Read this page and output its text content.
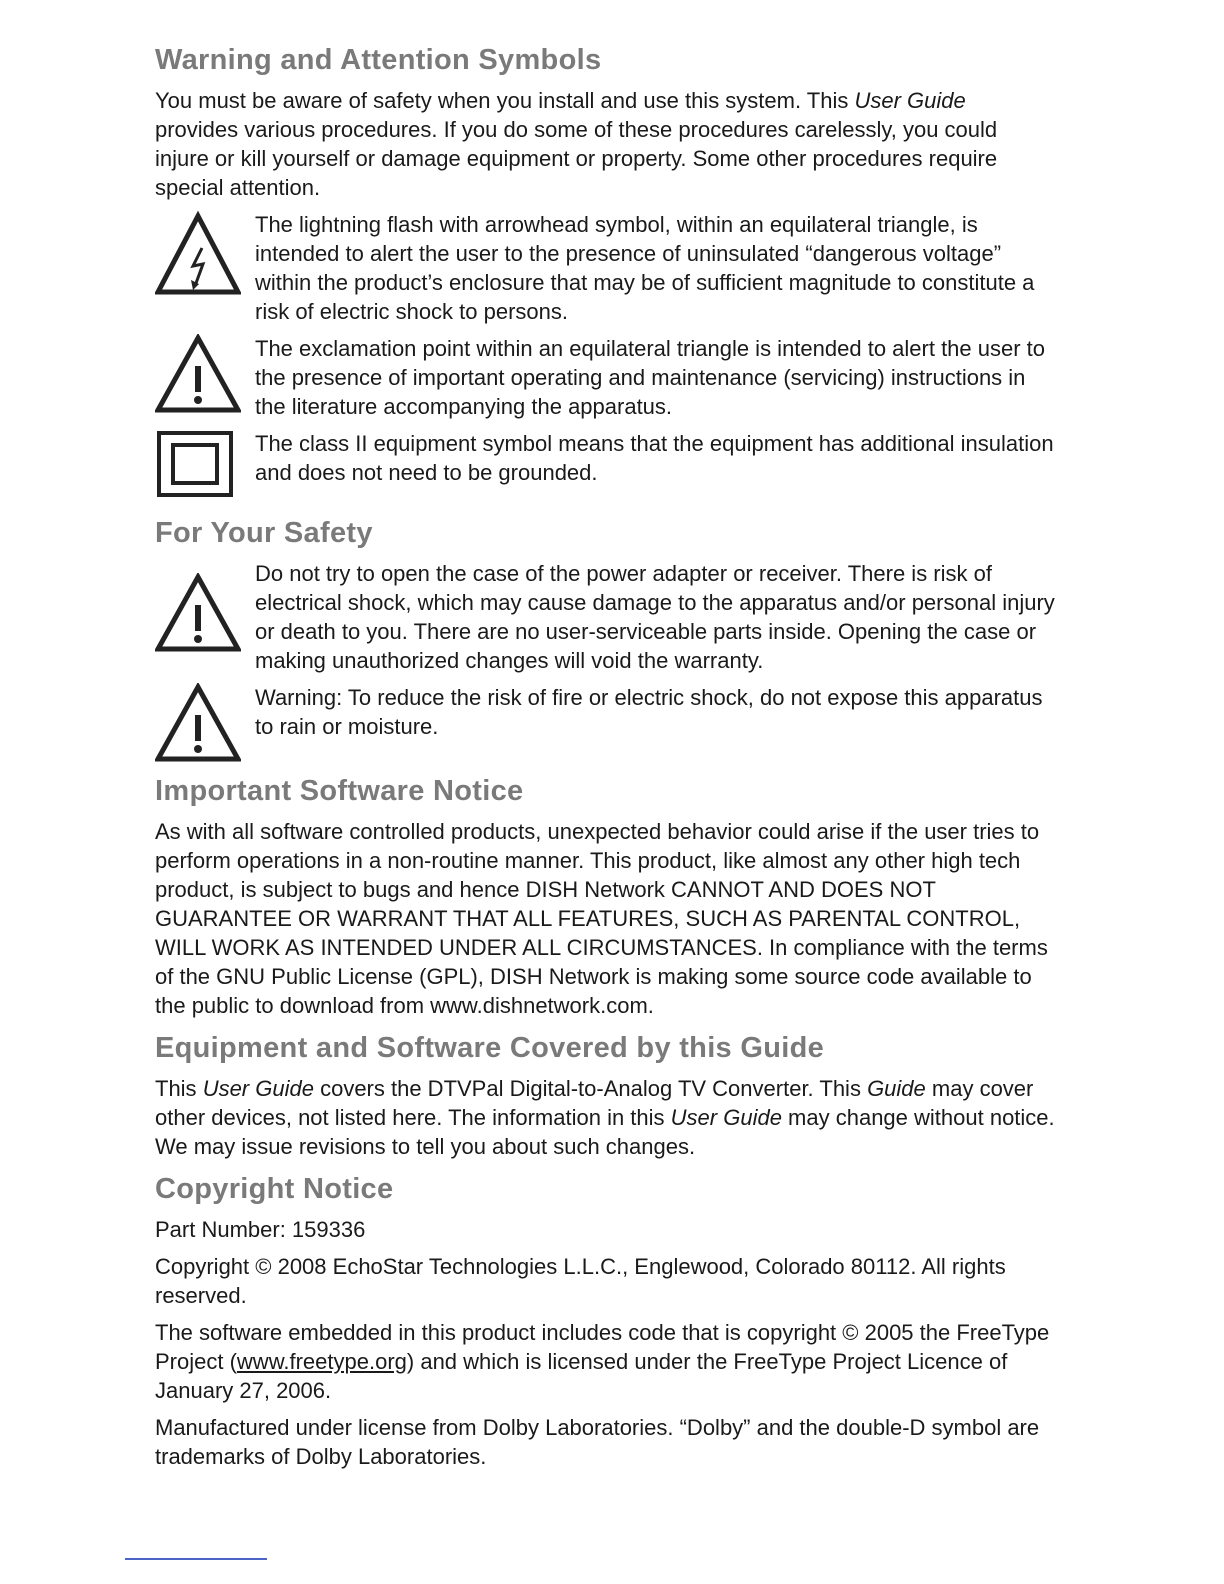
Warning and Attention Symbols

You must be aware of safety when you install and use this system. This User Guide provides various procedures. If you do some of these procedures carelessly, you could injure or kill yourself or damage equipment or property. Some other procedures require special attention.

The lightning flash with arrowhead symbol, within an equilateral triangle, is intended to alert the user to the presence of uninsulated “dangerous voltage” within the product’s enclosure that may be of sufficient magnitude to constitute a risk of electric shock to persons.
The exclamation point within an equilateral triangle is intended to alert the user to the presence of important operating and maintenance (servicing) instructions in the literature accompanying the apparatus.
The class II equipment symbol means that the equipment has additional insulation and does not need to be grounded.
For Your Safety
Do not try to open the case of the power adapter or receiver. There is risk of electrical shock, which may cause damage to the apparatus and/or personal injury or death to you. There are no user-serviceable parts inside. Opening the case or making unauthorized changes will void the warranty.
Warning: To reduce the risk of fire or electric shock, do not expose this apparatus to rain or moisture.
Important Software Notice

As with all software controlled products, unexpected behavior could arise if the user tries to perform operations in a non-routine manner. This product, like almost any other high tech product, is subject to bugs and hence DISH Network CANNOT AND DOES NOT GUARANTEE OR WARRANT THAT ALL FEATURES, SUCH AS PARENTAL CONTROL, WILL WORK AS INTENDED UNDER ALL CIRCUMSTANCES. In compliance with the terms of the GNU Public License (GPL), DISH Network is making some source code available to the public to download from www.dishnetwork.com.

Equipment and Software Covered by this Guide

This User Guide covers the DTVPal Digital-to-Analog TV Converter. This Guide may cover other devices, not listed here. The information in this User Guide may change without notice. We may issue revisions to tell you about such changes.

Copyright Notice

Part Number: 159336

Copyright © 2008 EchoStar Technologies L.L.C., Englewood, Colorado 80112. All rights reserved.

The software embedded in this product includes code that is copyright © 2005 the FreeType Project (www.freetype.org) and which is licensed under the FreeType Project Licence of January 27, 2006.

Manufactured under license from Dolby Laboratories. “Dolby” and the double-D symbol are trademarks of Dolby Laboratories.
